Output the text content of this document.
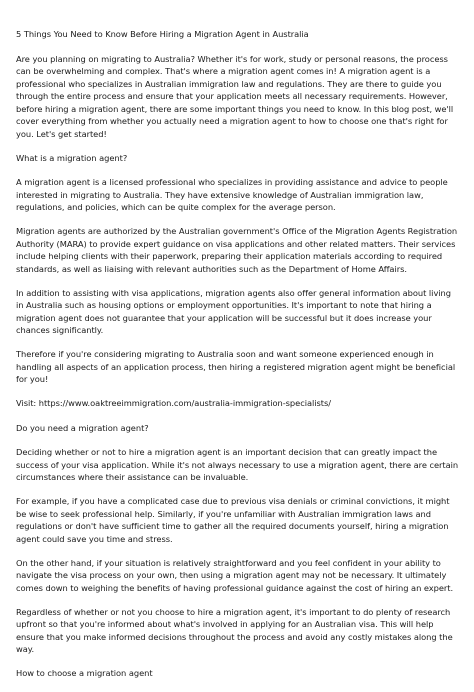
5 Things You Need to Know Before Hiring a Migration Agent in Australia

Are you planning on migrating to Australia? Whether it's for work, study or personal reasons, the process can be overwhelming and complex. That's where a migration agent comes in! A migration agent is a professional who specializes in Australian immigration law and regulations. They are there to guide you through the entire process and ensure that your application meets all necessary requirements. However, before hiring a migration agent, there are some important things you need to know. In this blog post, we'll cover everything from whether you actually need a migration agent to how to choose one that's right for you. Let's get started!

What is a migration agent?

A migration agent is a licensed professional who specializes in providing assistance and advice to people interested in migrating to Australia. They have extensive knowledge of Australian immigration law, regulations, and policies, which can be quite complex for the average person.

Migration agents are authorized by the Australian government's Office of the Migration Agents Registration Authority (MARA) to provide expert guidance on visa applications and other related matters. Their services include helping clients with their paperwork, preparing their application materials according to required standards, as well as liaising with relevant authorities such as the Department of Home Affairs.

In addition to assisting with visa applications, migration agents also offer general information about living in Australia such as housing options or employment opportunities. It's important to note that hiring a migration agent does not guarantee that your application will be successful but it does increase your chances significantly.

Therefore if you're considering migrating to Australia soon and want someone experienced enough in handling all aspects of an application process, then hiring a registered migration agent might be beneficial for you!

Visit: https://www.oaktreeimmigration.com/australia-immigration-specialists/

Do you need a migration agent?

Deciding whether or not to hire a migration agent is an important decision that can greatly impact the success of your visa application. While it's not always necessary to use a migration agent, there are certain circumstances where their assistance can be invaluable.

For example, if you have a complicated case due to previous visa denials or criminal convictions, it might be wise to seek professional help. Similarly, if you're unfamiliar with Australian immigration laws and regulations or don't have sufficient time to gather all the required documents yourself, hiring a migration agent could save you time and stress.

On the other hand, if your situation is relatively straightforward and you feel confident in your ability to navigate the visa process on your own, then using a migration agent may not be necessary. It ultimately comes down to weighing the benefits of having professional guidance against the cost of hiring an expert.

Regardless of whether or not you choose to hire a migration agent, it's important to do plenty of research upfront so that you're informed about what's involved in applying for an Australian visa. This will help ensure that you make informed decisions throughout the process and avoid any costly mistakes along the way.

How to choose a migration agent
